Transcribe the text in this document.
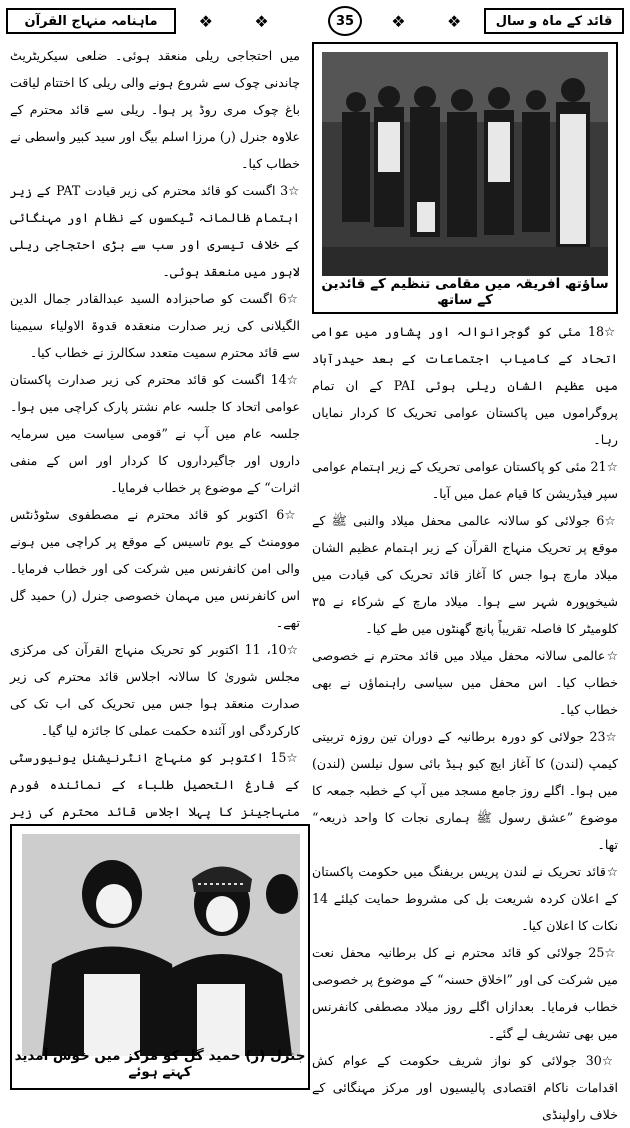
ماہنامہ منہاج القرآن	❖	❖	❖	❖
35	قائد کے ماہ و سال
ساؤتھ افریقہ میں مقامی تنظیم کے قائدین کے ساتھ

میں احتجاجی ریلی منعقد ہوئی۔ ضلعی سیکریٹریٹ چاندنی چوک سے شروع ہونے والی ریلی کا اختتام لیاقت باغ چوک مری روڈ پر ہوا۔ ریلی سے قائد محترم کے علاوہ جنرل (ر) مرزا اسلم بیگ اور سید کبیر واسطی نے خطاب کیا۔

☆3 اگست کو قائد محترم کی زیر قیادت PAT کے زیر اہتمام ظالمانہ ٹیکسوں کے نظام اور مہنگائی کے خلاف تیسری اور سب سے بڑی احتجاجی ریلی لاہور میں منعقد ہوئی۔

☆6 اگست کو صاحبزادہ السید عبدالقادر جمال الدین الگیلانی کی زیر صدارت منعقدہ قدوۃ الاولیاء سیمینا سے قائد محترم سمیت متعدد سکالرز نے خطاب کیا۔

☆14 اگست کو قائد محترم کی زیر صدارت پاکستان عوامی اتحاد کا جلسہ عام نشتر پارک کراچی میں ہوا۔ جلسہ عام میں آپ نے ”قومی سیاست میں سرمایہ داروں اور جاگیرداروں کا کردار اور اس کے منفی اثرات“ کے موضوع پر خطاب فرمایا۔

☆6 اکتوبر کو قائد محترم نے مصطفوی سٹوڈنٹس موومنٹ کے یوم تاسیس کے موقع پر کراچی میں ہونے والی امن کانفرنس میں شرکت کی اور خطاب فرمایا۔ اس کانفرنس میں مہمان خصوصی جنرل (ر) حمید گل تھے۔

☆10، 11 اکتوبر کو تحریک منہاج القرآن کی مرکزی مجلس شوریٰ کا سالانہ اجلاس قائد محترم کی زیر صدارت منعقد ہوا جس میں تحریک کی اب تک کی کارکردگی اور آئندہ حکمت عملی کا جائزہ لیا گیا۔

☆15 اکتوبر کو منہاج انٹرنیشنل یونیورسٹی کے فارغ التحصیل طلباء کے نمائندہ فورم منہاجینز کا پہلا اجلاس قائد محترم کی زیر

☆18 مئی کو گوجرانوالہ اور پشاور میں عوامی اتحاد کے کامیاب اجتماعات کے بعد حیدرآباد میں عظیم الشان ریلی ہوئی PAI کے ان تمام پروگراموں میں پاکستان عوامی تحریک کا کردار نمایاں رہا۔

☆21 مئی کو پاکستان عوامی تحریک کے زیر اہتمام عوامی سپر فیڈریشن کا قیام عمل میں آیا۔

☆6 جولائی کو سالانہ عالمی محفل میلاد والنبی ﷺ کے موقع پر تحریک منہاج القرآن کے زیر اہتمام عظیم الشان میلاد مارچ ہوا جس کا آغاز قائد تحریک کی قیادت میں شیخوپورہ شہر سے ہوا۔ میلاد مارچ کے شرکاء نے ۳۵ کلومیٹر کا فاصلہ تقریباً پانچ گھنٹوں میں طے کیا۔

☆عالمی سالانہ محفل میلاد میں قائد محترم نے خصوصی خطاب کیا۔ اس محفل میں سیاسی راہنماؤں نے بھی خطاب کیا۔

☆23 جولائی کو دورہ برطانیہ کے دوران تین روزہ تربیتی کیمپ (لندن) کا آغاز ایچ کیو ہیڈ بائی سول نیلسن (لندن) میں ہوا۔ اگلے روز جامع مسجد میں آپ کے خطبہ جمعہ کا موضوع ”عشق رسول ﷺ ہماری نجات کا واحد ذریعہ“ تھا۔

☆قائد تحریک نے لندن پریس بریفنگ میں حکومت پاکستان کے اعلان کردہ شریعت بل کی مشروط حمایت کیلئے 14 نکات کا اعلان کیا۔

☆25 جولائی کو قائد محترم نے کل برطانیہ محفل نعت میں شرکت کی اور ”اخلاق حسنہ“ کے موضوع پر خصوصی خطاب فرمایا۔ بعدازاں اگلے روز میلاد مصطفی کانفرنس میں بھی تشریف لے گئے۔

☆30 جولائی کو نواز شریف حکومت کے عوام کش اقدامات ناکام اقتصادی پالیسیوں اور مرکز مہنگائی کے خلاف راولپنڈی

جنرل (ر) حمید گل کو مرکز میں خوش آمدید کہتے ہوئے
